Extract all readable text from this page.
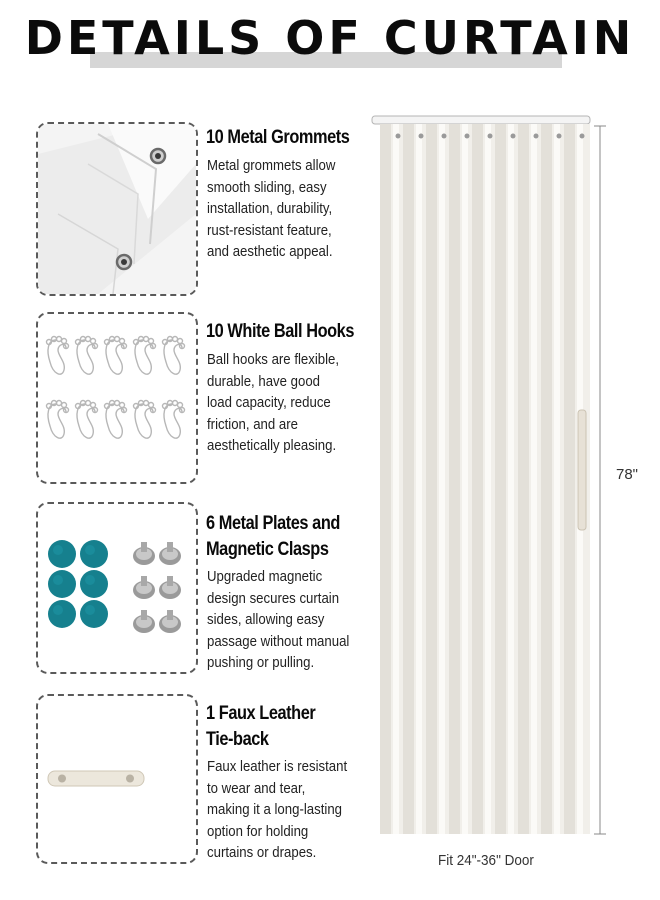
DETAILS OF CURTAIN
10 Metal Grommets
Metal grommets allow
smooth sliding, easy
installation, durability,
rust-resistant feature,
and aesthetic appeal.
10 White Ball Hooks
Ball hooks are flexible,
durable, have good
load capacity, reduce
friction, and are
aesthetically pleasing.
6 Metal Plates and
Magnetic Clasps
Upgraded magnetic
design secures curtain
sides, allowing easy
passage without manual
pushing or pulling.
1 Faux Leather
Tie-back
Faux leather is resistant
to wear and tear,
making it a long-lasting
option for holding
curtains or drapes.
78"
Fit 24"-36" Door
